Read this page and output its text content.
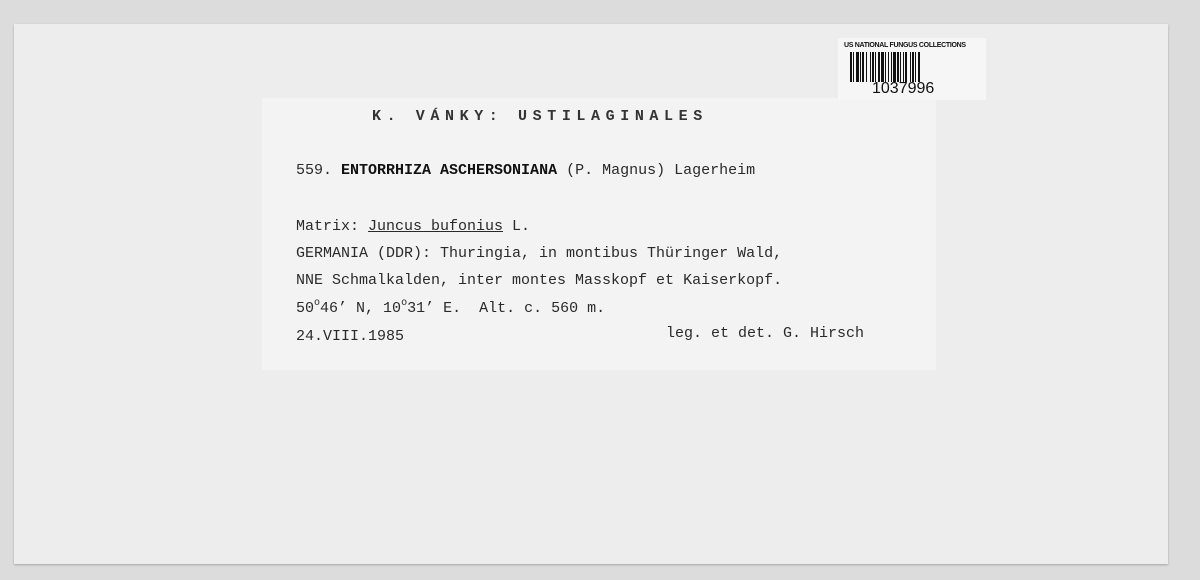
US NATIONAL FUNGUS COLLECTIONS
1037996
K. VÁNKY: USTILAGINALES
559. ENTORRHIZA ASCHERSONIANA (P. Magnus) Lagerheim
Matrix: Juncus bufonius L.
GERMANIA (DDR): Thuringia, in montibus Thüringer Wald,
NNE Schmalkalden, inter montes Masskopf et Kaiserkopf.
50$^o$46’ N, 10$^o$31’ E.  Alt. c. 560 m.
24.VIII.1985	leg. et det. G. Hirsch
